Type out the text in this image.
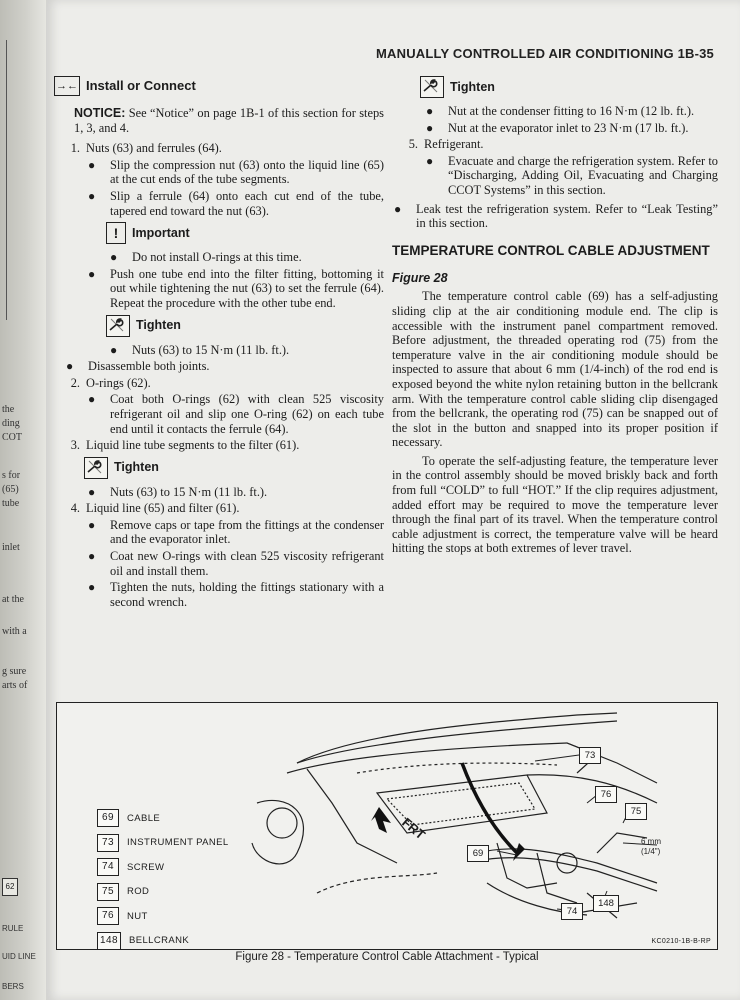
the
ding
COT
s for
(65)
tube
inlet
at the
with a
g sure
arts of
62
RULE
UID LINE
BERS
MANUALLY CONTROLLED AIR CONDITIONING 1B-35
→← Install or Connect
NOTICE: See “Notice” on page 1B-1 of this section for steps 1, 3, and 4.
1. Nuts (63) and ferrules (64).
●	Slip the compression nut (63) onto the liquid line (65) at the cut ends of the tube segments.
●	Slip a ferrule (64) onto each cut end of the tube, tapered end toward the nut (63).
!	Important
●	Do not install O-rings at this time.
●	Push one tube end into the filter fitting, bottoming it out while tightening the nut (63) to set the ferrule (64). Repeat the procedure with the other tube end.
Tighten
●	Nuts (63) to 15 N·m (11 lb. ft.).
●	Disassemble both joints.
2. O-rings (62).
●	Coat both O-rings (62) with clean 525 viscosity refrigerant oil and slip one O-ring (62) on each tube end until it contacts the ferrule (64).
3. Liquid line tube segments to the filter (61).
Tighten
●	Nuts (63) to 15 N·m (11 lb. ft.).
4. Liquid line (65) and filter (61).
●	Remove caps or tape from the fittings at the condenser and the evaporator inlet.
●	Coat new O-rings with clean 525 viscosity refrigerant oil and install them.
●	Tighten the nuts, holding the fittings stationary with a second wrench.
Tighten
●	Nut at the condenser fitting to 16 N·m (12 lb. ft.).
●	Nut at the evaporator inlet to 23 N·m (17 lb. ft.).
5. Refrigerant.
●	Evacuate and charge the refrigeration system. Refer to “Discharging, Adding Oil, Evacuating and Charging CCOT Systems” in this section.
●	Leak test the refrigeration system. Refer to “Leak Testing” in this section.
TEMPERATURE CONTROL CABLE ADJUSTMENT
Figure 28

The temperature control cable (69) has a self-adjusting sliding clip at the air conditioning module end. The clip is accessible with the instrument panel compartment removed. Before adjustment, the threaded operating rod (75) from the temperature valve in the air conditioning module should be inspected to assure that about 6 mm (1/4-inch) of the rod end is exposed beyond the white nylon retaining button in the bellcrank arm. With the temperature control cable sliding clip disengaged from the bellcrank, the operating rod (75) can be snapped out of the slot in the button and snapped into its proper position if necessary.

To operate the self-adjusting feature, the temperature lever in the control assembly should be moved briskly back and forth from full “COLD” to full “HOT.” If the clip requires adjustment, added effort may be required to move the temperature lever through the final part of its travel. When the temperature control cable adjustment is correct, the temperature valve will be heard hitting the stops at both extremes of lever travel.

73
76
75
69
148
74
FRT	6 mm
(1/4")
69	CABLE
73	INSTRUMENT PANEL
74	SCREW
75	ROD
76	NUT
148	BELLCRANK	KC0210-1B-B-RP
Figure 28 - Temperature Control Cable Attachment - Typical
